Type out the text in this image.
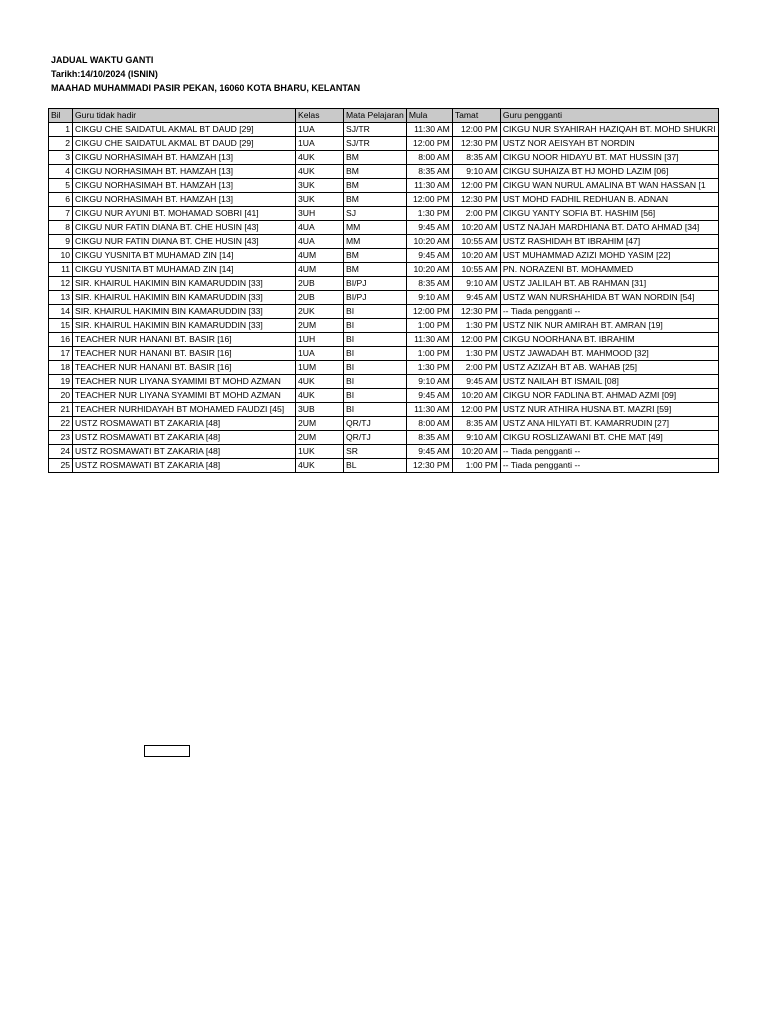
JADUAL WAKTU GANTI
Tarikh:14/10/2024 (ISNIN)
MAAHAD MUHAMMADI PASIR PEKAN, 16060 KOTA BHARU, KELANTAN
Bil	Guru tidak hadir	Kelas	Mata Pelajaran	Mula	Tamat	Guru pengganti
1	CIKGU CHE SAIDATUL AKMAL BT DAUD [29]	1UA	SJ/TR	11:30 AM	12:00 PM	CIKGU NUR SYAHIRAH HAZIQAH BT. MOHD SHUKRI
2	CIKGU CHE SAIDATUL AKMAL BT DAUD [29]	1UA	SJ/TR	12:00 PM	12:30 PM	USTZ NOR AEISYAH BT NORDIN
3	CIKGU NORHASIMAH BT. HAMZAH [13]	4UK	BM	8:00 AM	8:35 AM	CIKGU NOOR HIDAYU BT. MAT HUSSIN [37]
4	CIKGU NORHASIMAH BT. HAMZAH [13]	4UK	BM	8:35 AM	9:10 AM	CIKGU SUHAIZA BT HJ MOHD LAZIM [06]
5	CIKGU NORHASIMAH BT. HAMZAH [13]	3UK	BM	11:30 AM	12:00 PM	CIKGU WAN NURUL AMALINA BT WAN HASSAN [1
6	CIKGU NORHASIMAH BT. HAMZAH [13]	3UK	BM	12:00 PM	12:30 PM	UST MOHD FADHIL REDHUAN B. ADNAN
7	CIKGU NUR AYUNI BT. MOHAMAD SOBRI [41]	3UH	SJ	1:30 PM	2:00 PM	CIKGU YANTY SOFIA BT. HASHIM [56]
8	CIKGU NUR FATIN DIANA BT. CHE HUSIN [43]	4UA	MM	9:45 AM	10:20 AM	USTZ NAJAH MARDHIANA BT. DATO AHMAD [34]
9	CIKGU NUR FATIN DIANA BT. CHE HUSIN [43]	4UA	MM	10:20 AM	10:55 AM	USTZ RASHIDAH BT IBRAHIM [47]
10	CIKGU YUSNITA BT MUHAMAD ZIN [14]	4UM	BM	9:45 AM	10:20 AM	UST MUHAMMAD AZIZI MOHD YASIM [22]
11	CIKGU YUSNITA BT MUHAMAD ZIN [14]	4UM	BM	10:20 AM	10:55 AM	PN. NORAZENI BT. MOHAMMED
12	SIR. KHAIRUL HAKIMIN BIN KAMARUDDIN [33]	2UB	BI/PJ	8:35 AM	9:10 AM	USTZ JALILAH BT. AB RAHMAN [31]
13	SIR. KHAIRUL HAKIMIN BIN KAMARUDDIN [33]	2UB	BI/PJ	9:10 AM	9:45 AM	USTZ WAN NURSHAHIDA BT WAN NORDIN [54]
14	SIR. KHAIRUL HAKIMIN BIN KAMARUDDIN [33]	2UK	BI	12:00 PM	12:30 PM	-- Tiada pengganti --
15	SIR. KHAIRUL HAKIMIN BIN KAMARUDDIN [33]	2UM	BI	1:00 PM	1:30 PM	USTZ NIK NUR AMIRAH BT. AMRAN [19]
16	TEACHER NUR HANANI BT. BASIR [16]	1UH	BI	11:30 AM	12:00 PM	CIKGU NOORHANA BT. IBRAHIM
17	TEACHER NUR HANANI BT. BASIR [16]	1UA	BI	1:00 PM	1:30 PM	USTZ JAWADAH BT. MAHMOOD [32]
18	TEACHER NUR HANANI BT. BASIR [16]	1UM	BI	1:30 PM	2:00 PM	USTZ AZIZAH BT AB. WAHAB [25]
19	TEACHER NUR LIYANA SYAMIMI BT MOHD AZMAN	4UK	BI	9:10 AM	9:45 AM	USTZ NAILAH BT ISMAIL [08]
20	TEACHER NUR LIYANA SYAMIMI BT MOHD AZMAN	4UK	BI	9:45 AM	10:20 AM	CIKGU NOR FADLINA BT. AHMAD AZMI [09]
21	TEACHER NURHIDAYAH BT MOHAMED FAUDZI [45]	3UB	BI	11:30 AM	12:00 PM	USTZ NUR ATHIRA HUSNA BT. MAZRI [59]
22	USTZ ROSMAWATI BT ZAKARIA [48]	2UM	QR/TJ	8:00 AM	8:35 AM	USTZ ANA HILYATI BT. KAMARRUDIN [27]
23	USTZ ROSMAWATI BT ZAKARIA [48]	2UM	QR/TJ	8:35 AM	9:10 AM	CIKGU ROSLIZAWANI BT. CHE MAT [49]
24	USTZ ROSMAWATI BT ZAKARIA [48]	1UK	SR	9:45 AM	10:20 AM	-- Tiada pengganti --
25	USTZ ROSMAWATI BT ZAKARIA [48]	4UK	BL	12:30 PM	1:00 PM	-- Tiada pengganti --
